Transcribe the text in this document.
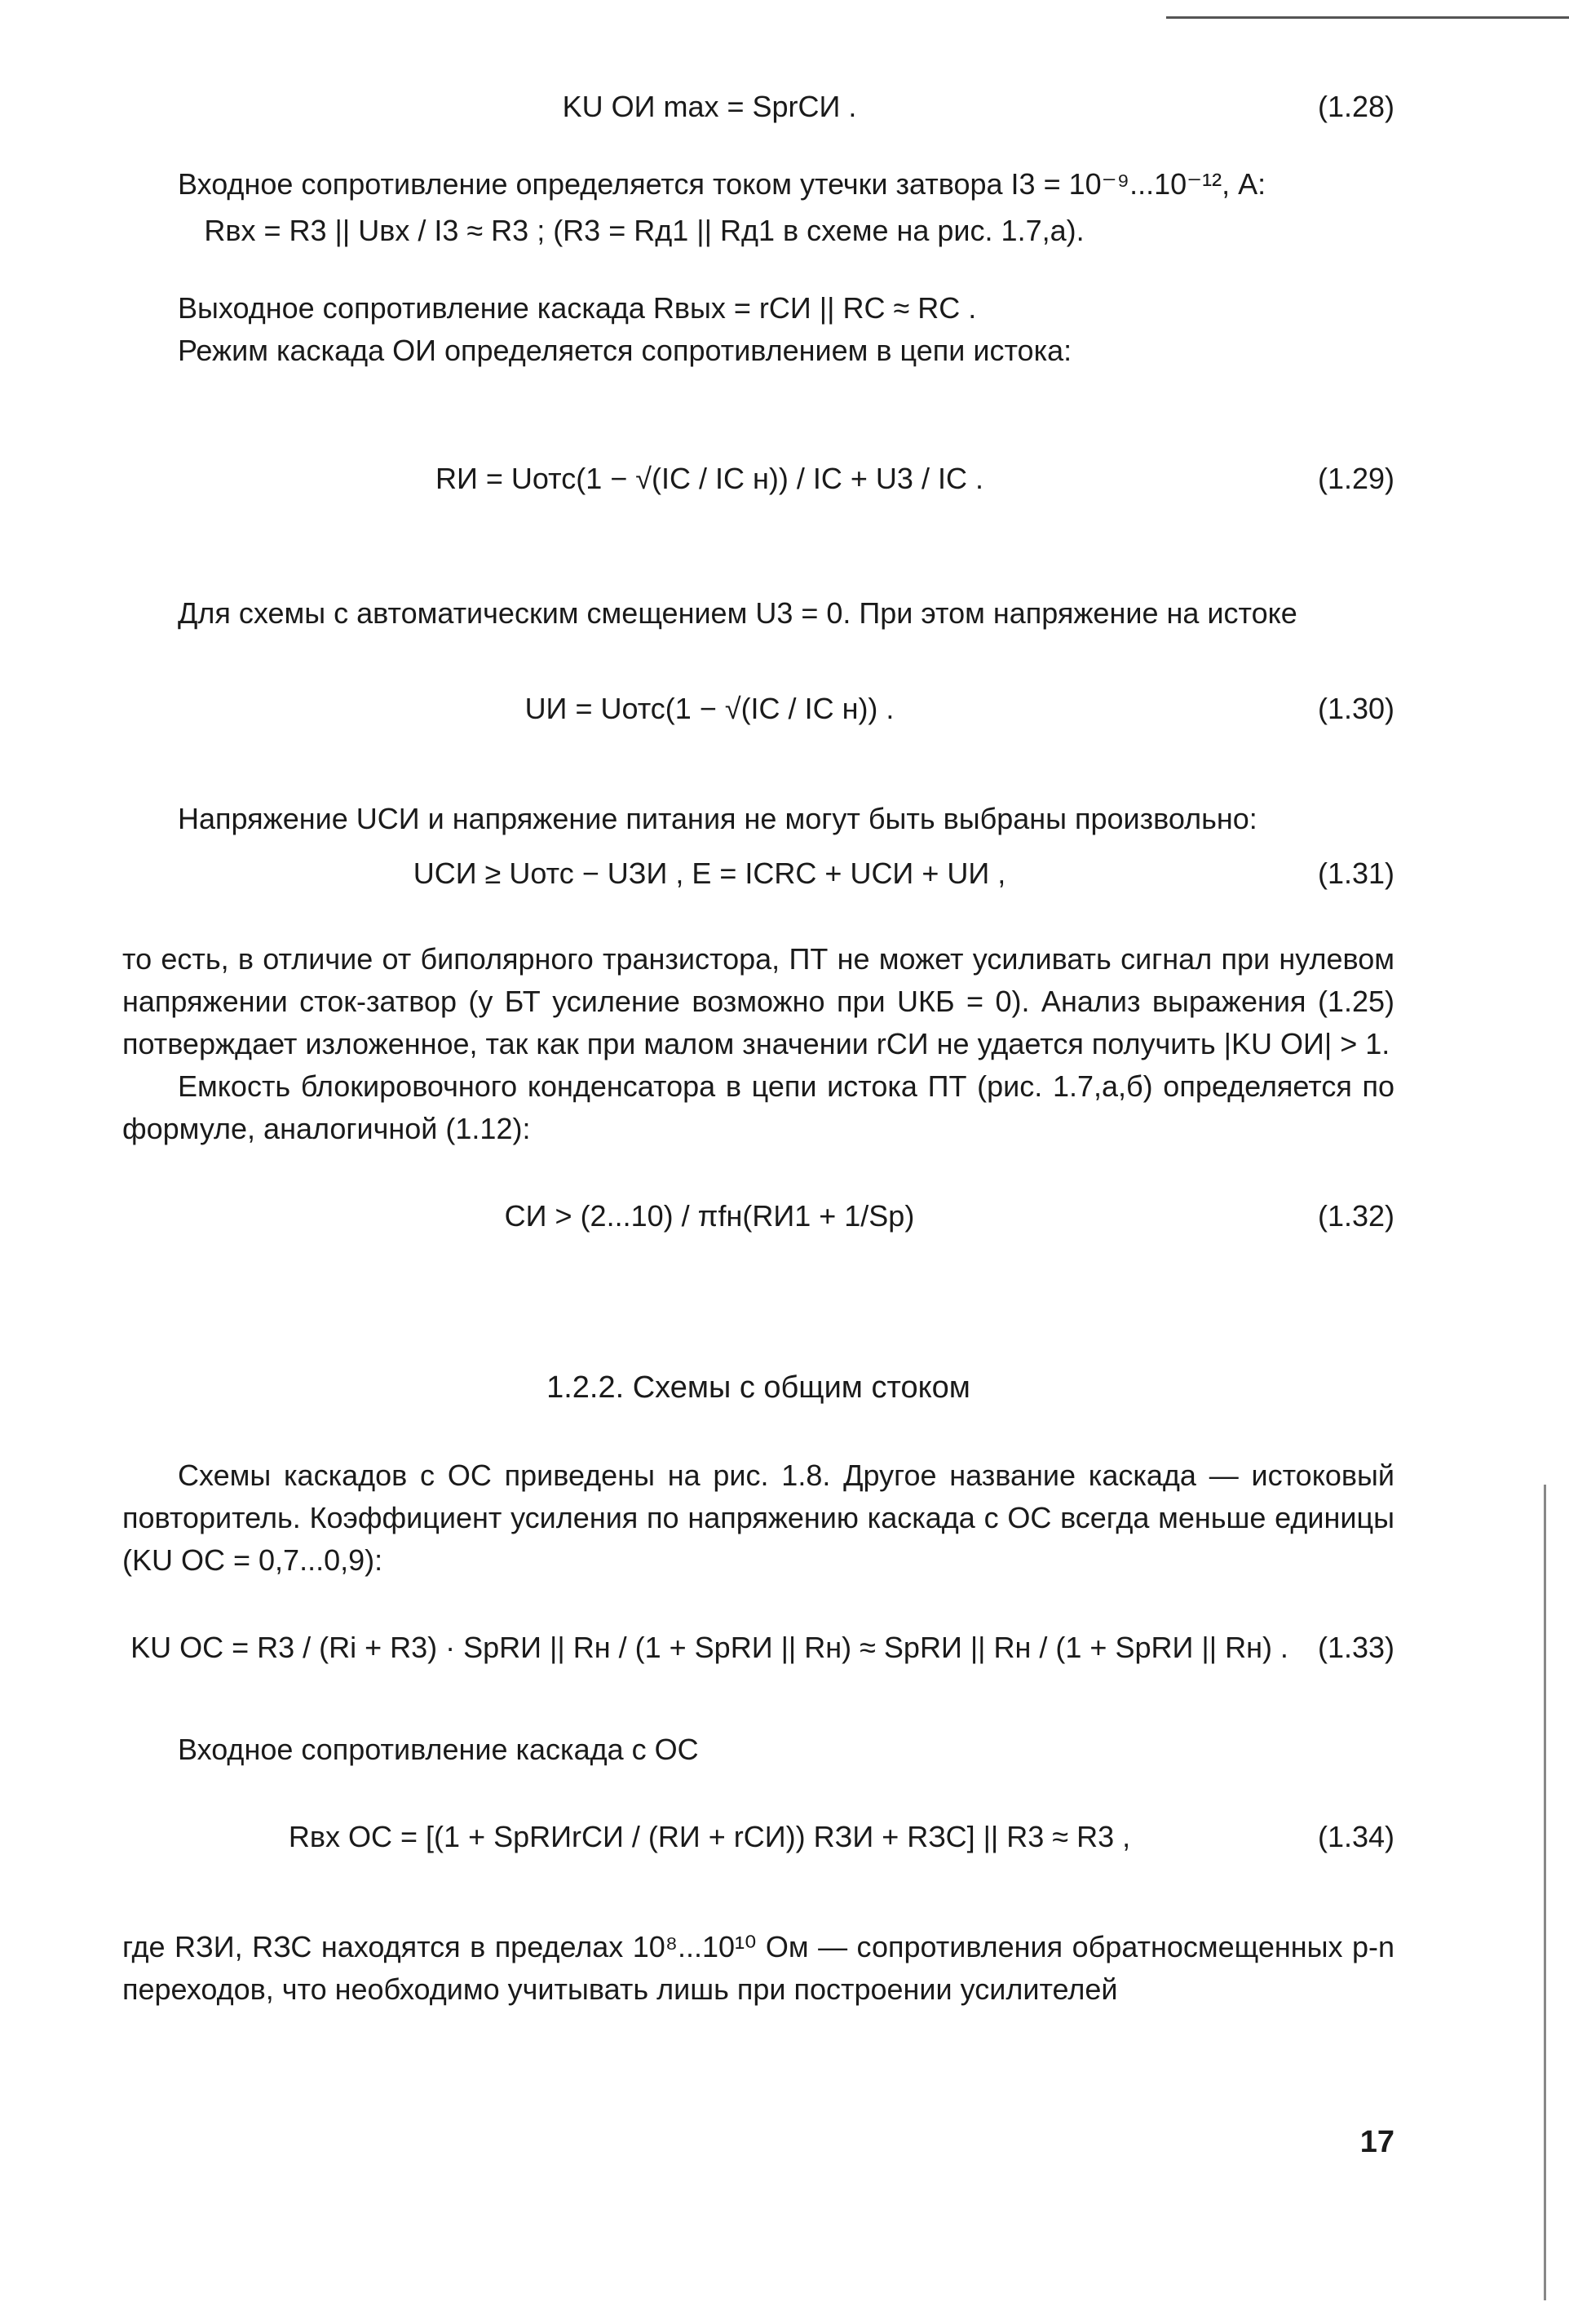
KU ОИ max = SрrСИ .	(1.28)

Входное сопротивление определяется током утечки затвора I3 = 10⁻⁹...10⁻¹², А:

Rвх = R3 || Uвх / I3 ≈ R3 ; (R3 = Rд1 || Rд1 в схеме на рис. 1.7,а).

Выходное сопротивление каскада Rвых = rСИ || RС ≈ RС .

Режим каскада ОИ определяется сопротивлением в цепи истока:

RИ = Uотс(1 − √(IС / IС н)) / IС + U3 / IС .	(1.29)

Для схемы с автоматическим смещением U3 = 0. При этом напряжение на истоке

UИ = Uотс(1 − √(IС / IС н)) .	(1.30)

Напряжение UСИ и напряжение питания не могут быть выбраны произвольно:

UСИ ≥ Uотс − UЗИ , E = IСRС + UСИ + UИ ,	(1.31)

то есть, в отличие от биполярного транзистора, ПТ не может усиливать сигнал при нулевом напряжении сток-затвор (у БТ усиление возможно при UКБ = 0). Анализ выражения (1.25) потверждает изложенное, так как при малом значении rСИ не удается получить |KU ОИ| > 1.

Емкость блокировочного конденсатора в цепи истока ПТ (рис. 1.7,а,б) определяется по формуле, аналогичной (1.12):

CИ > (2...10) / πfн(RИ1 + 1/Sр)	(1.32)
1.2.2. Схемы с общим стоком

Схемы каскадов с ОС приведены на рис. 1.8. Другое название каскада — истоковый повторитель. Коэффициент усиления по напряжению каскада с ОС всегда меньше единицы (KU ОС = 0,7...0,9):

KU ОС = R3 / (Ri + R3) · SрRИ || Rн / (1 + SрRИ || Rн) ≈ SрRИ || Rн / (1 + SрRИ || Rн) . (1.33)

Входное сопротивление каскада с ОС

Rвх ОС = [(1 + SрRИrСИ / (RИ + rСИ)) RЗИ + RЗС] || R3 ≈ R3 ,	(1.34)

где RЗИ, RЗС находятся в пределах 10⁸...10¹⁰ Ом — сопротивления обратносмещенных p-n переходов, что необходимо учитывать лишь при построении усилителей

17
